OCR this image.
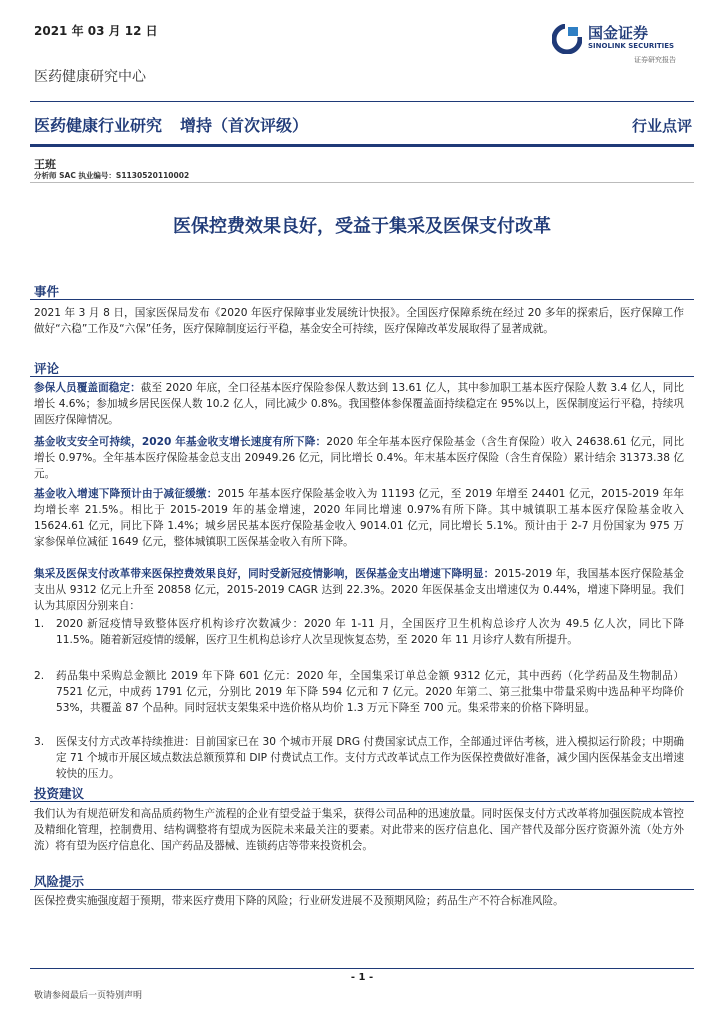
2021 年 03 月 12 日	国金证券
SINOLINK SECURITIES
证券研究报告
医药健康研究中心
医药健康行业研究 增持（首次评级）	行业点评
王班
分析师 SAC 执业编号：S1130520110002
医保控费效果良好，受益于集采及医保支付改革
事件
2021 年 3 月 8 日，国家医保局发布《2020 年医疗保障事业发展统计快报》。全国医疗保障系统在经过 20 多年的探索后，医疗保障工作做好“六稳”工作及“六保”任务，医疗保障制度运行平稳，基金安全可持续，医疗保障改革发展取得了显著成就。
评论
参保人员覆盖面稳定：截至 2020 年底，全口径基本医疗保险参保人数达到 13.61 亿人，其中参加职工基本医疗保险人数 3.4 亿人，同比增长 4.6%；参加城乡居民医保人数 10.2 亿人，同比减少 0.8%。我国整体参保覆盖面持续稳定在 95%以上，医保制度运行平稳，持续巩固医疗保障情况。
基金收支安全可持续，2020 年基金收支增长速度有所下降：2020 年全年基本医疗保险基金（含生育保险）收入 24638.61 亿元，同比增长 0.97%。全年基本医疗保险基金总支出 20949.26 亿元，同比增长 0.4%。年末基本医疗保险（含生育保险）累计结余 31373.38 亿元。
基金收入增速下降预计由于减征缓缴：2015 年基本医疗保险基金收入为 11193 亿元，至 2019 年增至 24401 亿元，2015-2019 年年均增长率 21.5%。相比于 2015-2019 年的基金增速，2020 年同比增速 0.97%有所下降。其中城镇职工基本医疗保险基金收入 15624.61 亿元，同比下降 1.4%；城乡居民基本医疗保险基金收入 9014.01 亿元，同比增长 5.1%。预计由于 2-7 月份国家为 975 万家参保单位减征 1649 亿元，整体城镇职工医保基金收入有所下降。
集采及医保支付改革带来医保控费效果良好，同时受新冠疫情影响，医保基金支出增速下降明显：2015-2019 年，我国基本医疗保险基金支出从 9312 亿元上升至 20858 亿元，2015-2019 CAGR 达到 22.3%。2020 年医保基金支出增速仅为 0.44%，增速下降明显。我们认为其原因分别来自：
1. 2020 新冠疫情导致整体医疗机构诊疗次数减少：2020 年 1-11 月，全国医疗卫生机构总诊疗人次为 49.5 亿人次，同比下降 11.5%。随着新冠疫情的缓解，医疗卫生机构总诊疗人次呈现恢复态势，至 2020 年 11 月诊疗人数有所提升。
2. 药品集中采购总金额比 2019 年下降 601 亿元：2020 年，全国集采订单总金额 9312 亿元，其中西药（化学药品及生物制品）7521 亿元，中成药 1791 亿元，分别比 2019 年下降 594 亿元和 7 亿元。2020 年第二、第三批集中带量采购中选品种平均降价 53%，共覆盖 87 个品种。同时冠状支架集采中选价格从均价 1.3 万元下降至 700 元。集采带来的价格下降明显。
3. 医保支付方式改革持续推进：目前国家已在 30 个城市开展 DRG 付费国家试点工作，全部通过评估考核，进入模拟运行阶段；中期确定 71 个城市开展区域点数法总额预算和 DIP 付费试点工作。支付方式改革试点工作为医保控费做好准备，减少国内医保基金支出增速较快的压力。
投资建议
我们认为有规范研发和高品质药物生产流程的企业有望受益于集采，获得公司品种的迅速放量。同时医保支付方式改革将加强医院成本管控及精细化管理，控制费用、结构调整将有望成为医院未来最关注的要素。对此带来的医疗信息化、国产替代及部分医疗资源外流（处方外流）将有望为医疗信息化、国产药品及器械、连锁药店等带来投资机会。
风险提示
医保控费实施强度超于预期，带来医疗费用下降的风险；行业研发进展不及预期风险；药品生产不符合标准风险。
- 1 -
敬请参阅最后一页特别声明
